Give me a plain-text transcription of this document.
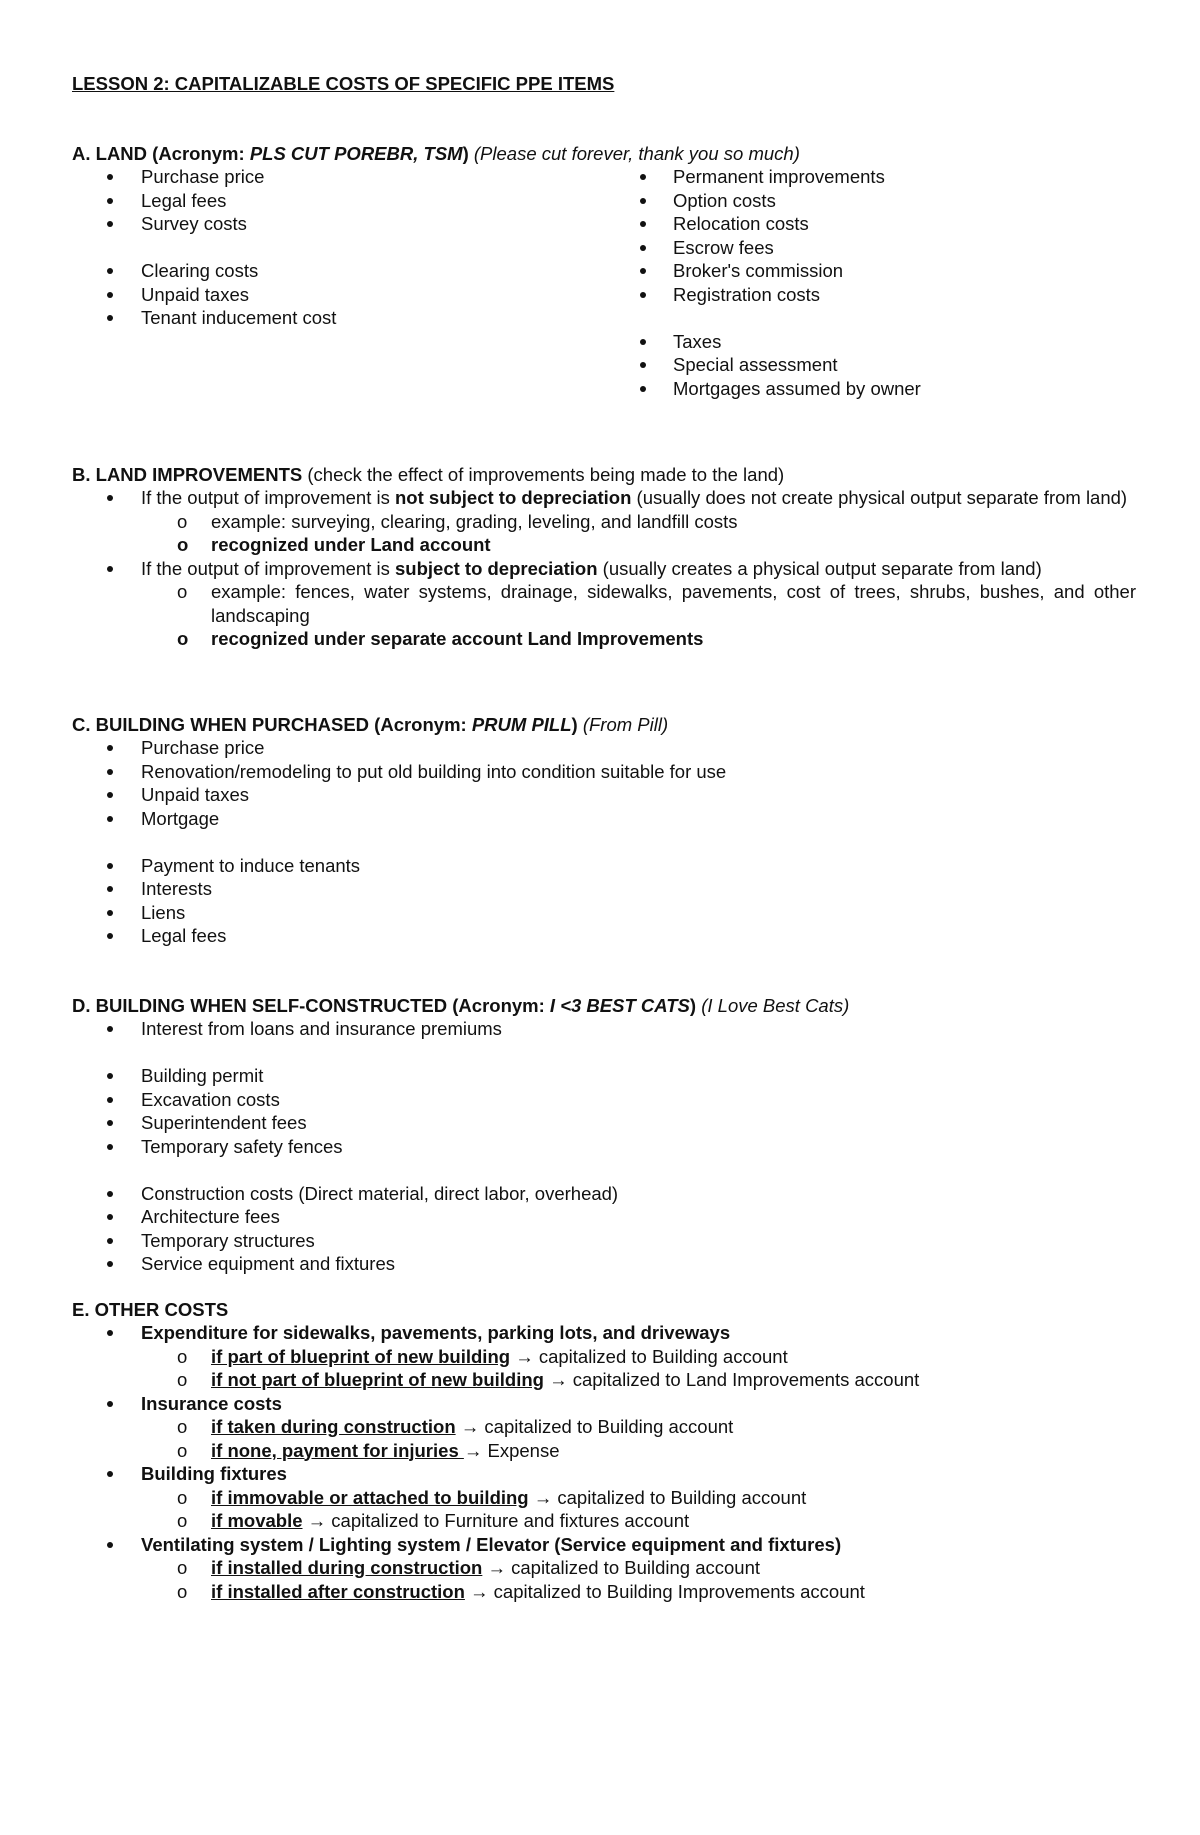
LESSON 2: CAPITALIZABLE COSTS OF SPECIFIC PPE ITEMS

A. LAND (Acronym: PLS CUT POREBR, TSM) (Please cut forever, thank you so much)

Purchase price
Legal fees
Survey costs
Clearing costs
Unpaid taxes
Tenant inducement cost
Permanent improvements
Option costs
Relocation costs
Escrow fees
Broker's commission
Registration costs
Taxes
Special assessment
Mortgages assumed by owner

B. LAND IMPROVEMENTS (check the effect of improvements being made to the land)

If the output of improvement is not subject to depreciation (usually does not create physical output separate from land)
o example: surveying, clearing, grading, leveling, and landfill costs
o recognized under Land account
If the output of improvement is subject to depreciation (usually creates a physical output separate from land)
o example: fences, water systems, drainage, sidewalks, pavements, cost of trees, shrubs, bushes, and other landscaping
o recognized under separate account Land Improvements

C. BUILDING WHEN PURCHASED (Acronym: PRUM PILL) (From Pill)

Purchase price
Renovation/remodeling to put old building into condition suitable for use
Unpaid taxes
Mortgage
Payment to induce tenants
Interests
Liens
Legal fees

D. BUILDING WHEN SELF-CONSTRUCTED (Acronym: I <3 BEST CATS) (I Love Best Cats)

Interest from loans and insurance premiums
Building permit
Excavation costs
Superintendent fees
Temporary safety fences
Construction costs (Direct material, direct labor, overhead)
Architecture fees
Temporary structures
Service equipment and fixtures

E. OTHER COSTS

Expenditure for sidewalks, pavements, parking lots, and driveways
o if part of blueprint of new building → capitalized to Building account
o if not part of blueprint of new building → capitalized to Land Improvements account
Insurance costs
o if taken during construction → capitalized to Building account
o if none, payment for injuries → Expense
Building fixtures
o if immovable or attached to building → capitalized to Building account
o if movable → capitalized to Furniture and fixtures account
Ventilating system / Lighting system / Elevator (Service equipment and fixtures)
o if installed during construction → capitalized to Building account
o if installed after construction → capitalized to Building Improvements account
